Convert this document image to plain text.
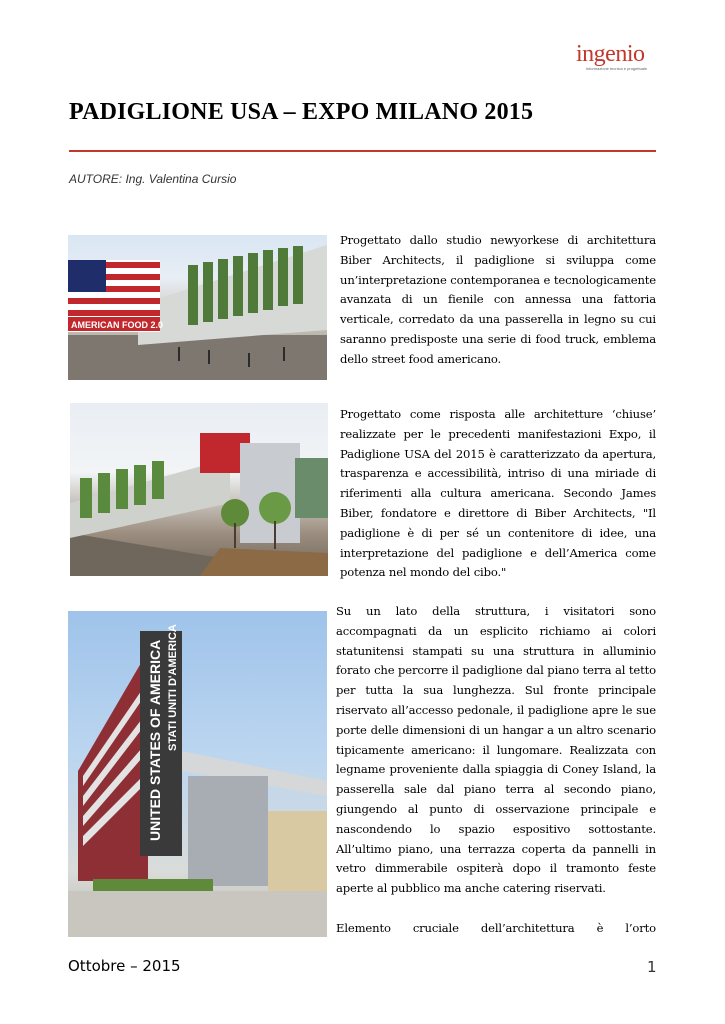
ingenio
informazione tecnica e progettuale
PADIGLIONE USA – EXPO MILANO 2015
AUTORE: Ing. Valentina Cursio
AMERICAN FOOD 2.0
UNITED STATES OF AMERICA STATI UNITI D'AMERICA

Progettato dallo studio newyorkese di architettura Biber Architects, il padiglione si sviluppa come un’interpretazione contemporanea e tecnologicamente avanzata di un fienile con annessa una fattoria verticale, corredato da una passerella in legno su cui saranno predisposte una serie di food truck, emblema dello street food americano.

Progettato come risposta alle architetture ‘chiuse’ realizzate per le precedenti manifestazioni Expo, il Padiglione USA del 2015 è caratterizzato da apertura, trasparenza e accessibilità, intriso di una miriade di riferimenti alla cultura americana. Secondo James Biber, fondatore e direttore di Biber Architects, "Il padiglione è di per sé un contenitore di idee, una interpretazione del padiglione e dell’America come potenza nel mondo del cibo."

Su un lato della struttura, i visitatori sono accompagnati da un esplicito richiamo ai colori statunitensi stampati su una struttura in alluminio forato che percorre il padiglione dal piano terra al tetto per tutta la sua lunghezza. Sul fronte principale riservato all’accesso pedonale, il padiglione apre le sue porte delle dimensioni di un hangar a un altro scenario tipicamente americano: il lungomare. Realizzata con legname proveniente dalla spiaggia di Coney Island, la passerella sale dal piano terra al secondo piano, giungendo al punto di osservazione principale e nascondendo lo spazio espositivo sottostante. All’ultimo piano, una terrazza coperta da pannelli in vetro dimmerabile ospiterà dopo il tramonto feste aperte al pubblico ma anche catering riservati.

Elemento cruciale dell’architettura è l’orto

Ottobre – 2015	1
